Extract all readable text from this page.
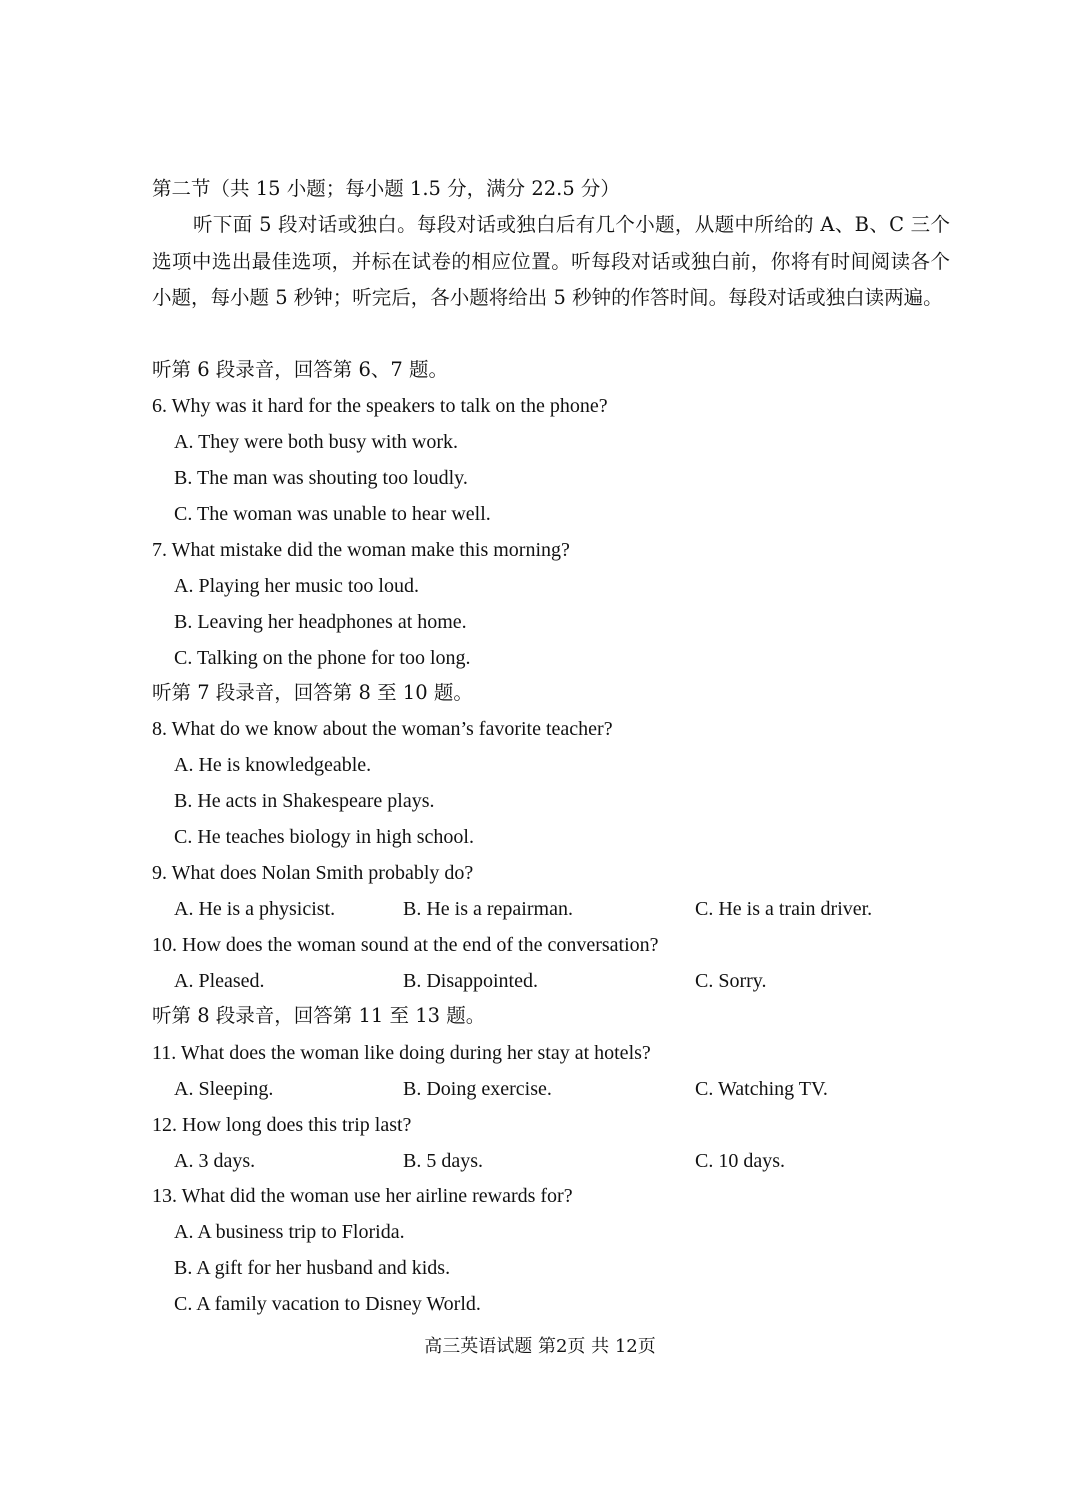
第二节（共 15 小题；每小题 1.5 分，满分 22.5 分）
听下面 5 段对话或独白。每段对话或独白后有几个小题，从题中所给的 A、B、C 三个选项中选出最佳选项，并标在试卷的相应位置。听每段对话或独白前，你将有时间阅读各个小题，每小题 5 秒钟；听完后，各小题将给出 5 秒钟的作答时间。每段对话或独白读两遍。
听第 6 段录音，回答第 6、7 题。
6. Why was it hard for the speakers to talk on the phone?
A. They were both busy with work.
B. The man was shouting too loudly.
C. The woman was unable to hear well.
7. What mistake did the woman make this morning?
A. Playing her music too loud.
B. Leaving her headphones at home.
C. Talking on the phone for too long.
听第 7 段录音，回答第 8 至 10 题。
8. What do we know about the woman’s favorite teacher?
A. He is knowledgeable.
B. He acts in Shakespeare plays.
C. He teaches biology in high school.
9. What does Nolan Smith probably do?
A. He is a physicist.	B. He is a repairman.	C. He is a train driver.
10. How does the woman sound at the end of the conversation?
A. Pleased.	B. Disappointed.	C. Sorry.
听第 8 段录音，回答第 11 至 13 题。
11. What does the woman like doing during her stay at hotels?
A. Sleeping.	B. Doing exercise.	C. Watching TV.
12. How long does this trip last?
A. 3 days.	B. 5 days.	C. 10 days.
13. What did the woman use her airline rewards for?
A. A business trip to Florida.
B. A gift for her husband and kids.
C. A family vacation to Disney World.
高三英语试题 第2页 共 12页
